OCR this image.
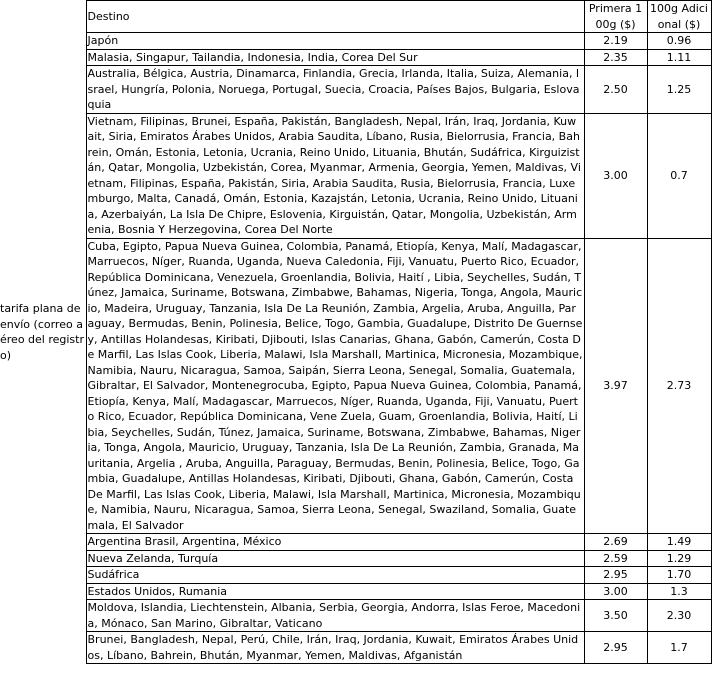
tarifa plana de envío (correo aéreo del registro)	Destino	Primera 100g ($)	100g Adicional ($)
	Japón	2.19	0.96
	Malasia, Singapur, Tailandia, Indonesia, India, Corea Del Sur	2.35	1.11
	Australia, Bélgica, Austria, Dinamarca, Finlandia, Grecia, Irlanda, Italia, Suiza, Alemania, Israel, Hungría, Polonia, Noruega, Portugal, Suecia, Croacia, Países Bajos, Bulgaria, Eslovaquia	2.50	1.25
	Vietnam, Filipinas, Brunei, España, Pakistán, Bangladesh, Nepal, Irán, Iraq, Jordania, Kuwait, Siria, Emiratos Árabes Unidos, Arabia Saudita, Líbano, Rusia, Bielorrusia, Francia, Bahrein, Omán, Estonia, Letonia, Ucrania, Reino Unido, Lituania, Bhután, Sudáfrica, Kirguizistán, Qatar, Mongolia, Uzbekistán, Corea, Myanmar, Armenia, Georgia, Yemen, Maldivas, Vietnam, Filipinas, España, Pakistán, Siria, Arabia Saudita, Rusia, Bielorrusia, Francia, Luxemburgo, Malta, Canadá, Omán, Estonia, Kazajstán, Letonia, Ucrania, Reino Unido, Lituania, Azerbaiyán, La Isla De Chipre, Eslovenia, Kirguistán, Qatar, Mongolia, Uzbekistán, Armenia, Bosnia Y Herzegovina, Corea Del Norte	3.00	0.7
	Cuba, Egipto, Papua Nueva Guinea, Colombia, Panamá, Etiopía, Kenya, Malí, Madagascar, Marruecos, Níger, Ruanda, Uganda, Nueva Caledonia, Fiji, Vanuatu, Puerto Rico, Ecuador, República Dominicana, Venezuela, Groenlandia, Bolivia, Haití , Libia, Seychelles, Sudán, Túnez, Jamaica, Suriname, Botswana, Zimbabwe, Bahamas, Nigeria, Tonga, Angola, Mauricio, Madeira, Uruguay, Tanzania, Isla De La Reunión, Zambia, Argelia, Aruba, Anguilla, Paraguay, Bermudas, Benin, Polinesia, Belice, Togo, Gambia, Guadalupe, Distrito De Guernsey, Antillas Holandesas, Kiribati, Djibouti, Islas Canarias, Ghana, Gabón, Camerún, Costa De Marfil, Las Islas Cook, Liberia, Malawi, Isla Marshall, Martinica, Micronesia, Mozambique, Namibia, Nauru, Nicaragua, Samoa, Saipán, Sierra Leona, Senegal, Somalia, Guatemala, Gibraltar, El Salvador, Montenegrocuba, Egipto, Papua Nueva Guinea, Colombia, Panamá, Etiopía, Kenya, Malí, Madagascar, Marruecos, Níger, Ruanda, Uganda, Fiji, Vanuatu, Puerto Rico, Ecuador, República Dominicana, Vene Zuela, Guam, Groenlandia, Bolivia, Haití, Libia, Seychelles, Sudán, Túnez, Jamaica, Suriname, Botswana, Zimbabwe, Bahamas, Nigeria, Tonga, Angola, Mauricio, Uruguay, Tanzania, Isla De La Reunión, Zambia, Granada, Mauritania, Argelia , Aruba, Anguilla, Paraguay, Bermudas, Benin, Polinesia, Belice, Togo, Gambia, Guadalupe, Antillas Holandesas, Kiribati, Djibouti, Ghana, Gabón, Camerún, Costa De Marfil, Las Islas Cook, Liberia, Malawi, Isla Marshall, Martinica, Micronesia, Mozambique, Namibia, Nauru, Nicaragua, Samoa, Sierra Leona, Senegal, Swaziland, Somalia, Guatemala, El Salvador	3.97	2.73
	Argentina Brasil, Argentina, México	2.69	1.49
	Nueva Zelanda, Turquía	2.59	1.29
	Sudáfrica	2.95	1.70
	Estados Unidos, Rumania	3.00	1.3
	Moldova, Islandia, Liechtenstein, Albania, Serbia, Georgia, Andorra, Islas Feroe, Macedonia, Mónaco, San Marino, Gibraltar, Vaticano	3.50	2.30
	Brunei, Bangladesh, Nepal, Perú, Chile, Irán, Iraq, Jordania, Kuwait, Emiratos Árabes Unidos, Líbano, Bahrein, Bhután, Myanmar, Yemen, Maldivas, Afganistán	2.95	1.7
